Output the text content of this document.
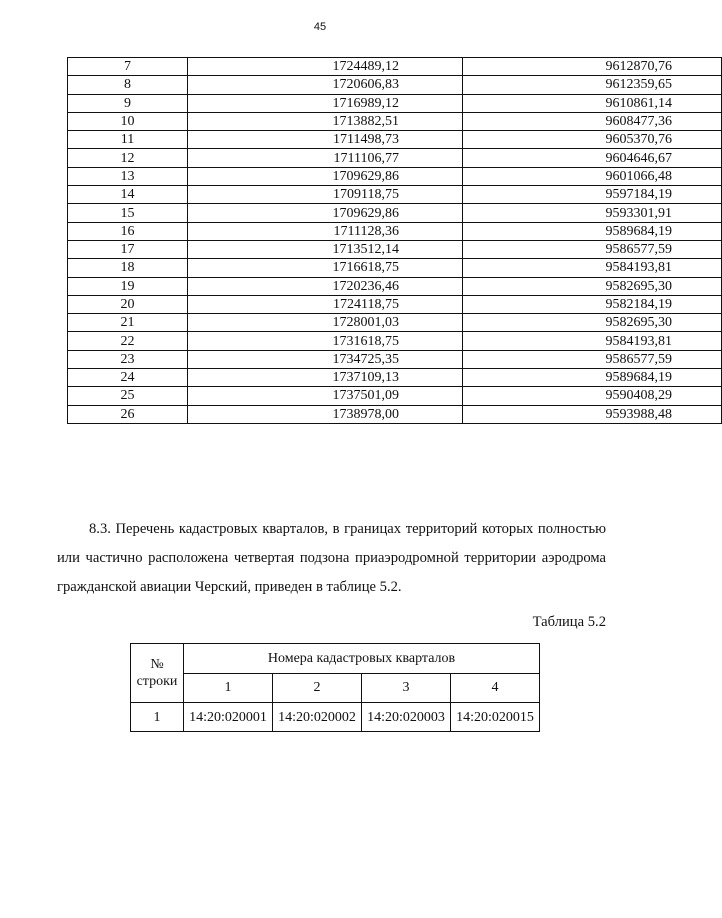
45
7	1724489,12	9612870,76
8	1720606,83	9612359,65
9	1716989,12	9610861,14
10	1713882,51	9608477,36
11	1711498,73	9605370,76
12	1711106,77	9604646,67
13	1709629,86	9601066,48
14	1709118,75	9597184,19
15	1709629,86	9593301,91
16	1711128,36	9589684,19
17	1713512,14	9586577,59
18	1716618,75	9584193,81
19	1720236,46	9582695,30
20	1724118,75	9582184,19
21	1728001,03	9582695,30
22	1731618,75	9584193,81
23	1734725,35	9586577,59
24	1737109,13	9589684,19
25	1737501,09	9590408,29
26	1738978,00	9593988,48

8.3. Перечень кадастровых кварталов, в границах территорий которых полностью или частично расположена четвертая подзона приаэродромной территории аэродрома гражданской авиации Черский, приведен в таблице 5.2.

Таблица 5.2
№ строки	Номера кадастровых кварталов			
	1	2	3	4
1	14:20:020001	14:20:020002	14:20:020003	14:20:020015
